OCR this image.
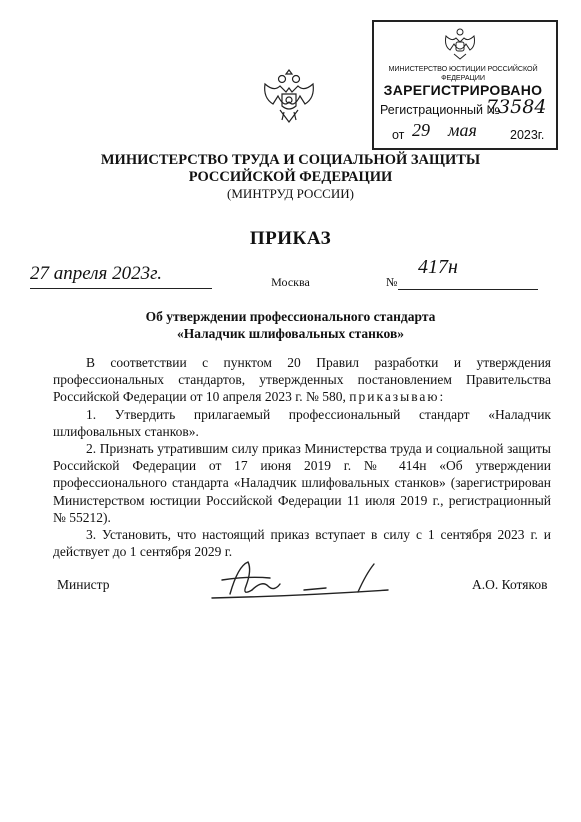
МИНИСТЕРСТВО ЮСТИЦИИ РОССИЙСКОЙ ФЕДЕРАЦИИ
ЗАРЕГИСТРИРОВАНО
Регистрационный №
73584
от 29 мая	2023г.
МИНИСТЕРСТВО ТРУДА И СОЦИАЛЬНОЙ ЗАЩИТЫ
РОССИЙСКОЙ ФЕДЕРАЦИИ
(МИНТРУД РОССИИ)
ПРИКАЗ
27 апреля 2023г.	Москва	№
417н
Об утверждении профессионального стандарта
«Наладчик шлифовальных станков»

В соответствии с пунктом 20 Правил разработки и утверждения профессиональных стандартов, утвержденных постановлением Правительства Российской Федерации от 10 апреля 2023 г. № 580, приказываю:

1. Утвердить прилагаемый профессиональный стандарт «Наладчик шлифовальных станков».

2. Признать утратившим силу приказ Министерства труда и социальной защиты Российской Федерации от 17 июня 2019 г. № 414н «Об утверждении профессионального стандарта «Наладчик шлифовальных станков» (зарегистрирован Министерством юстиции Российской Федерации 11 июля 2019 г., регистрационный № 55212).

3. Установить, что настоящий приказ вступает в силу с 1 сентября 2023 г. и действует до 1 сентября 2029 г.

Министр	А.О. Котяков
